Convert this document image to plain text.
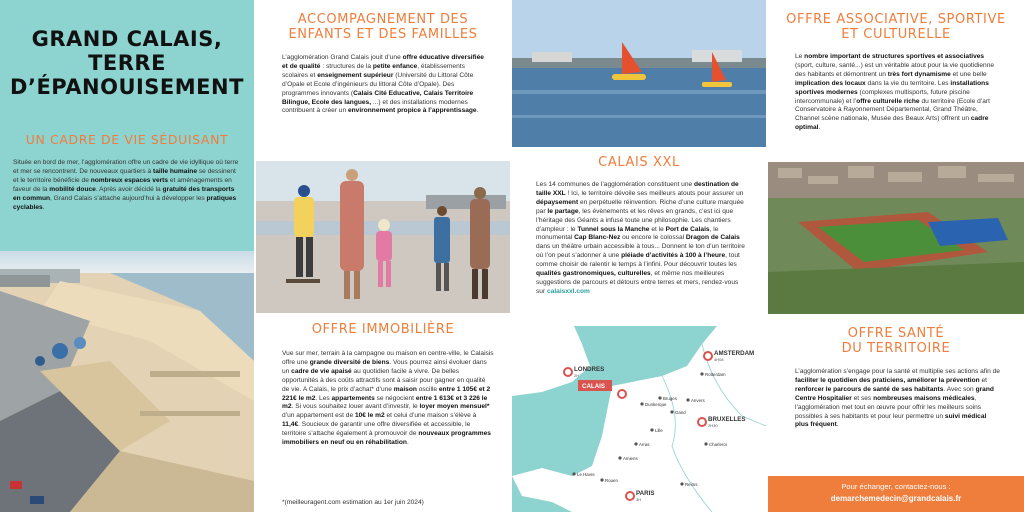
GRAND CALAIS,
TERRE
D’ÉPANOUISEMENT
UN CADRE DE VIE SÉDUISANT

Située en bord de mer, l’agglomération offre un cadre de vie idyllique où terre et mer se rencontrent. De nouveaux quartiers à taille humaine se dessinent et le territoire bénéficie de nombreux espaces verts et aménagements en faveur de la mobilité douce. Après avoir décidé la gratuité des transports en commun, Grand Calais s’attache aujourd’hui à développer les pratiques cyclables.

ACCOMPAGNEMENT DES
ENFANTS ET DES FAMILLES

L’agglomération Grand Calais jouit d’une offre éducative diversifiée et de qualité : structures de la petite enfance, établissements scolaires et enseignement supérieur (Université du Littoral Côte d’Opale et Ecole d’ingénieurs du littoral Côte d’Opale). Des programmes innovants (Calais Cité Educative, Calais Territoire Bilingue, Ecole des langues, ...) et des installations modernes contribuent à créer un environnement propice à l’apprentissage.

OFFRE IMMOBILIÈRE

Vue sur mer, terrain à la campagne ou maison en centre-ville, le Calaisis offre une grande diversité de biens. Vous pourrez ainsi évoluer dans un cadre de vie apaisé au quotidien facile à vivre. De belles opportunités à des coûts attractifs sont à saisir pour gagner en qualité de vie. A Calais, le prix d’achat* d’une maison oscille entre 1 105€ et 2 221€ le m2. Les appartements se négocient entre 1 613€ et 3 226 le m2. Si vous souhaitez louer avant d’investir, le loyer moyen mensuel* d’un appartement est de 10€ le m2 et celui d’une maison s’élève à 11,4€. Soucieux de garantir une offre diversifiée et accessible, le territoire s’attache également à promouvoir de nouveaux programmes immobiliers en neuf ou en réhabilitation.

*(meilleuragent.com estimation au 1er juin 2024)

CALAIS XXL

Les 14 communes de l’agglomération constituent une destination de taille XXL ! Ici, le territoire dévoile ses meilleurs atouts pour assurer un dépaysement en perpétuelle réinvention. Riche d’une culture marquée par le partage, les évènements et les rêves en grands, c’est ici que l’héritage des Géants a infusé toute une philosophie. Les chantiers d’ampleur : le Tunnel sous la Manche et le Port de Calais, le monumental Cap Blanc-Nez ou encore le colossal Dragon de Calais dans un théâtre urbain accessible à tous... Donnent le ton d’un territoire où l’on peut s’adonner à une pléiade d’activités à 100 à l’heure, tout comme choisir de ralentir le temps à l’infini. Pour découvrir toutes les qualités gastronomiques, culturelles, et même nos meilleures suggestions de parcours et détours entre terres et mers, rendez-vous sur calaisxxl.com

LONDRES
2H
AMSTERDAM
4H08
Rotterdam
CALAIS
Bruges	Anvers
Dunkerque
Gand
BRUXELLES
2H30
Lille
Arras	Charleroi
Amiens
Le Havre
Rouen
Reims
PARIS
3H
OFFRE ASSOCIATIVE, SPORTIVE
ET CULTURELLE

Le nombre important de structures sportives et associatives (sport, culture, santé...) est un véritable atout pour la vie quotidienne des habitants et démontrent un très fort dynamisme et une belle implication des locaux dans la vie du territoire. Les installations sportives modernes (complexes multisports, future piscine intercommunale) et l’offre culturelle riche du territoire (Ecole d’art Conservatoire à Rayonnement Départemental, Grand Théâtre, Channel scène nationale, Musée des Beaux Arts) offrent un cadre optimal.

OFFRE SANTÉ
DU TERRITOIRE

L’agglomération s’engage pour la santé et multiplie ses actions afin de faciliter le quotidien des praticiens, améliorer la prévention et renforcer le parcours de santé de ses habitants. Avec son grand Centre Hospitalier et ses nombreuses maisons médicales, l’agglomération met tout en œuvre pour offrir les meilleurs soins possibles à ses habitants et pour leur permettre un suivi médical plus fréquent.

Pour échanger, contactez-nous :
demarchemedecin@grandcalais.fr
